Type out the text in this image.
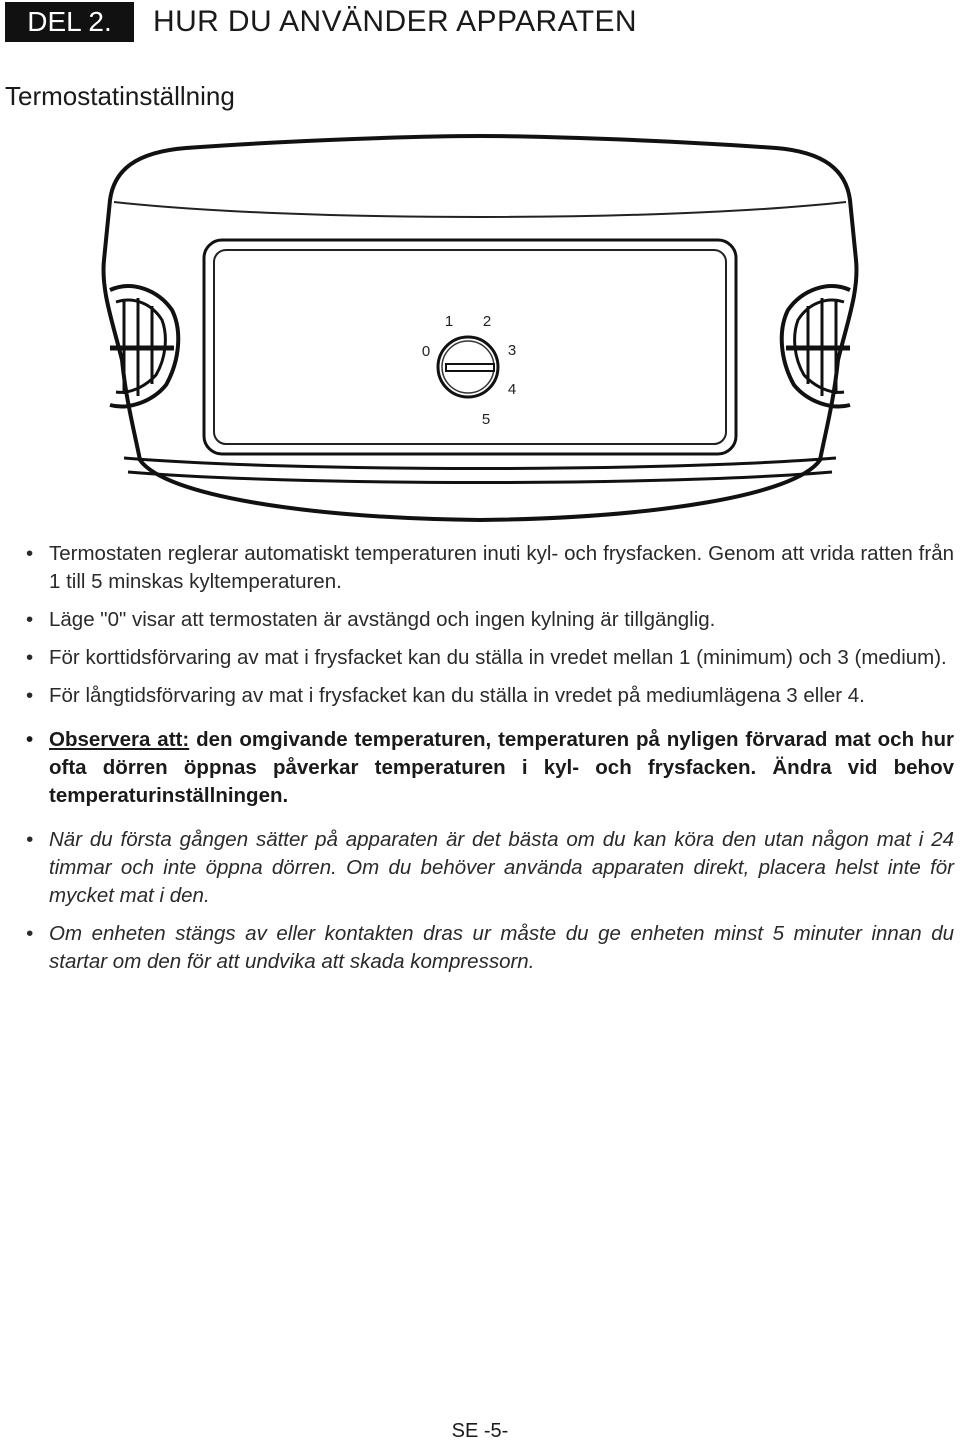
DEL 2.	HUR DU ANVÄNDER APPARATEN
Termostatinställning
0
1 2
3
4
5
• Termostaten reglerar automatiskt temperaturen inuti kyl- och frysfacken. Genom att vrida ratten från 1 till 5 minskas kyltemperaturen.
• Läge "0" visar att termostaten är avstängd och ingen kylning är tillgänglig.
• För korttidsförvaring av mat i frysfacket kan du ställa in vredet mellan 1 (minimum) och 3 (medium).
• För långtidsförvaring av mat i frysfacket kan du ställa in vredet på mediumlägena 3 eller 4.
• Observera att: den omgivande temperaturen, temperaturen på nyligen förvarad mat och hur ofta dörren öppnas påverkar temperaturen i kyl- och frysfacken. Ändra vid behov temperaturinställningen.
• När du första gången sätter på apparaten är det bästa om du kan köra den utan någon mat i 24 timmar och inte öppna dörren. Om du behöver använda apparaten direkt, placera helst inte för mycket mat i den.
• Om enheten stängs av eller kontakten dras ur måste du ge enheten minst 5 minuter innan du startar om den för att undvika att skada kompressorn.
SE -5-
